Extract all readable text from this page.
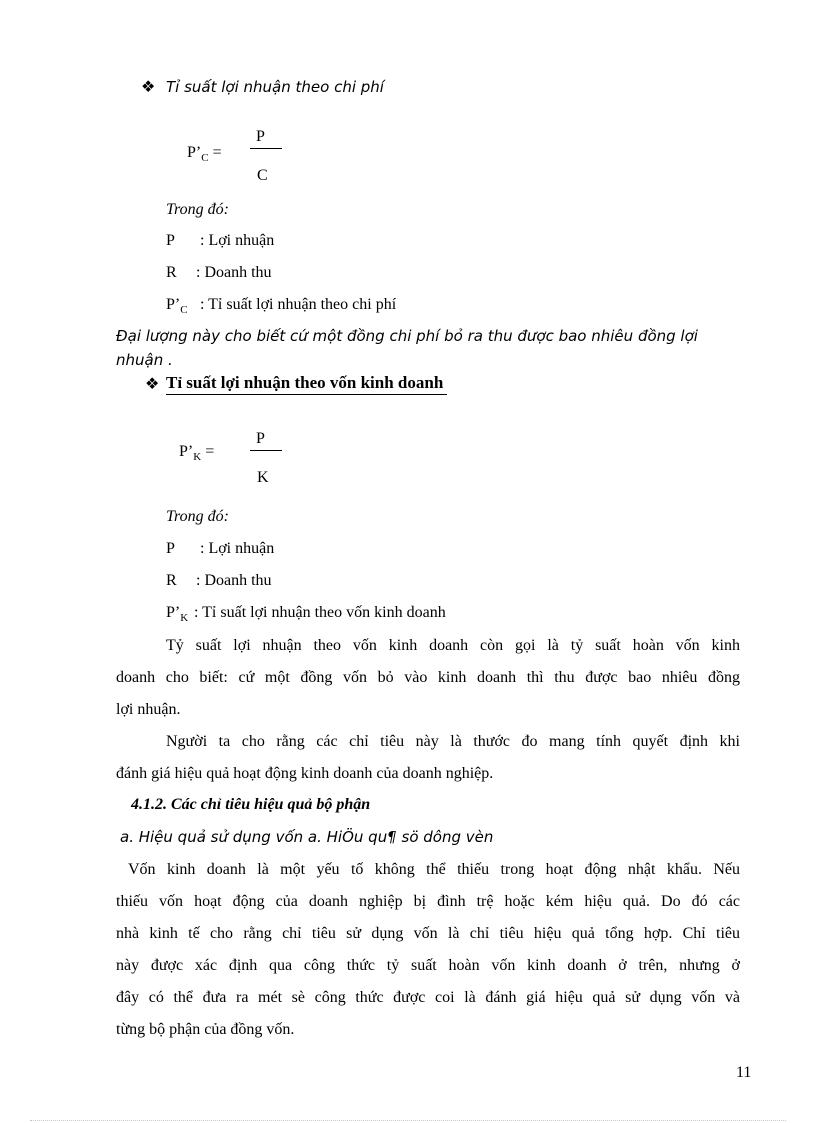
❖ Tỉ suất lợi nhuận theo chi phí
$P’_C$ =
P
C
Trong đó:
P : Lợi nhuận
R : Doanh thu
$P’_C$ : Tỉ suất lợi nhuận theo chi phí
Đại lượng này cho biết cứ một đồng chi phí bỏ ra thu được bao nhiêu đồng lợi
nhuận .
❖ Tỉ suất lợi nhuận theo vốn kinh doanh
$P’_K$ =
P
K
Trong đó:
P : Lợi nhuận
R : Doanh thu
$P’_K$ : Tỉ suất lợi nhuận theo vốn kinh doanh
Tỷ suất lợi nhuận theo vốn kinh doanh còn gọi là tỷ suất hoàn vốn kinh
doanh cho biết: cứ một đồng vốn bỏ vào kinh doanh thì thu được bao nhiêu đồng
lợi nhuận.
Người ta cho rằng các chỉ tiêu này là thước đo mang tính quyết định khi
đánh giá hiệu quả hoạt động kinh doanh của doanh nghiệp.
4.1.2. Các chỉ tiêu hiệu quả bộ phận
a. Hiệu quả sử dụng vốn a. HiÖu qu¶ sö dông vèn
Vốn kinh doanh là một yếu tố không thể thiếu trong hoạt động nhật khẩu. Nếu
thiếu vốn hoạt động của doanh nghiệp bị đình trệ hoặc kém hiệu quả. Do đó các
nhà kinh tế cho rằng chỉ tiêu sử dụng vốn là chỉ tiêu hiệu quả tổng hợp. Chỉ tiêu
này được xác định qua công thức tỷ suất hoàn vốn kinh doanh ở trên, nhưng ở
đây có thể đưa ra mét sè công thức được coi là đánh giá hiệu quả sử dụng vốn và
từng bộ phận của đồng vốn.
11
